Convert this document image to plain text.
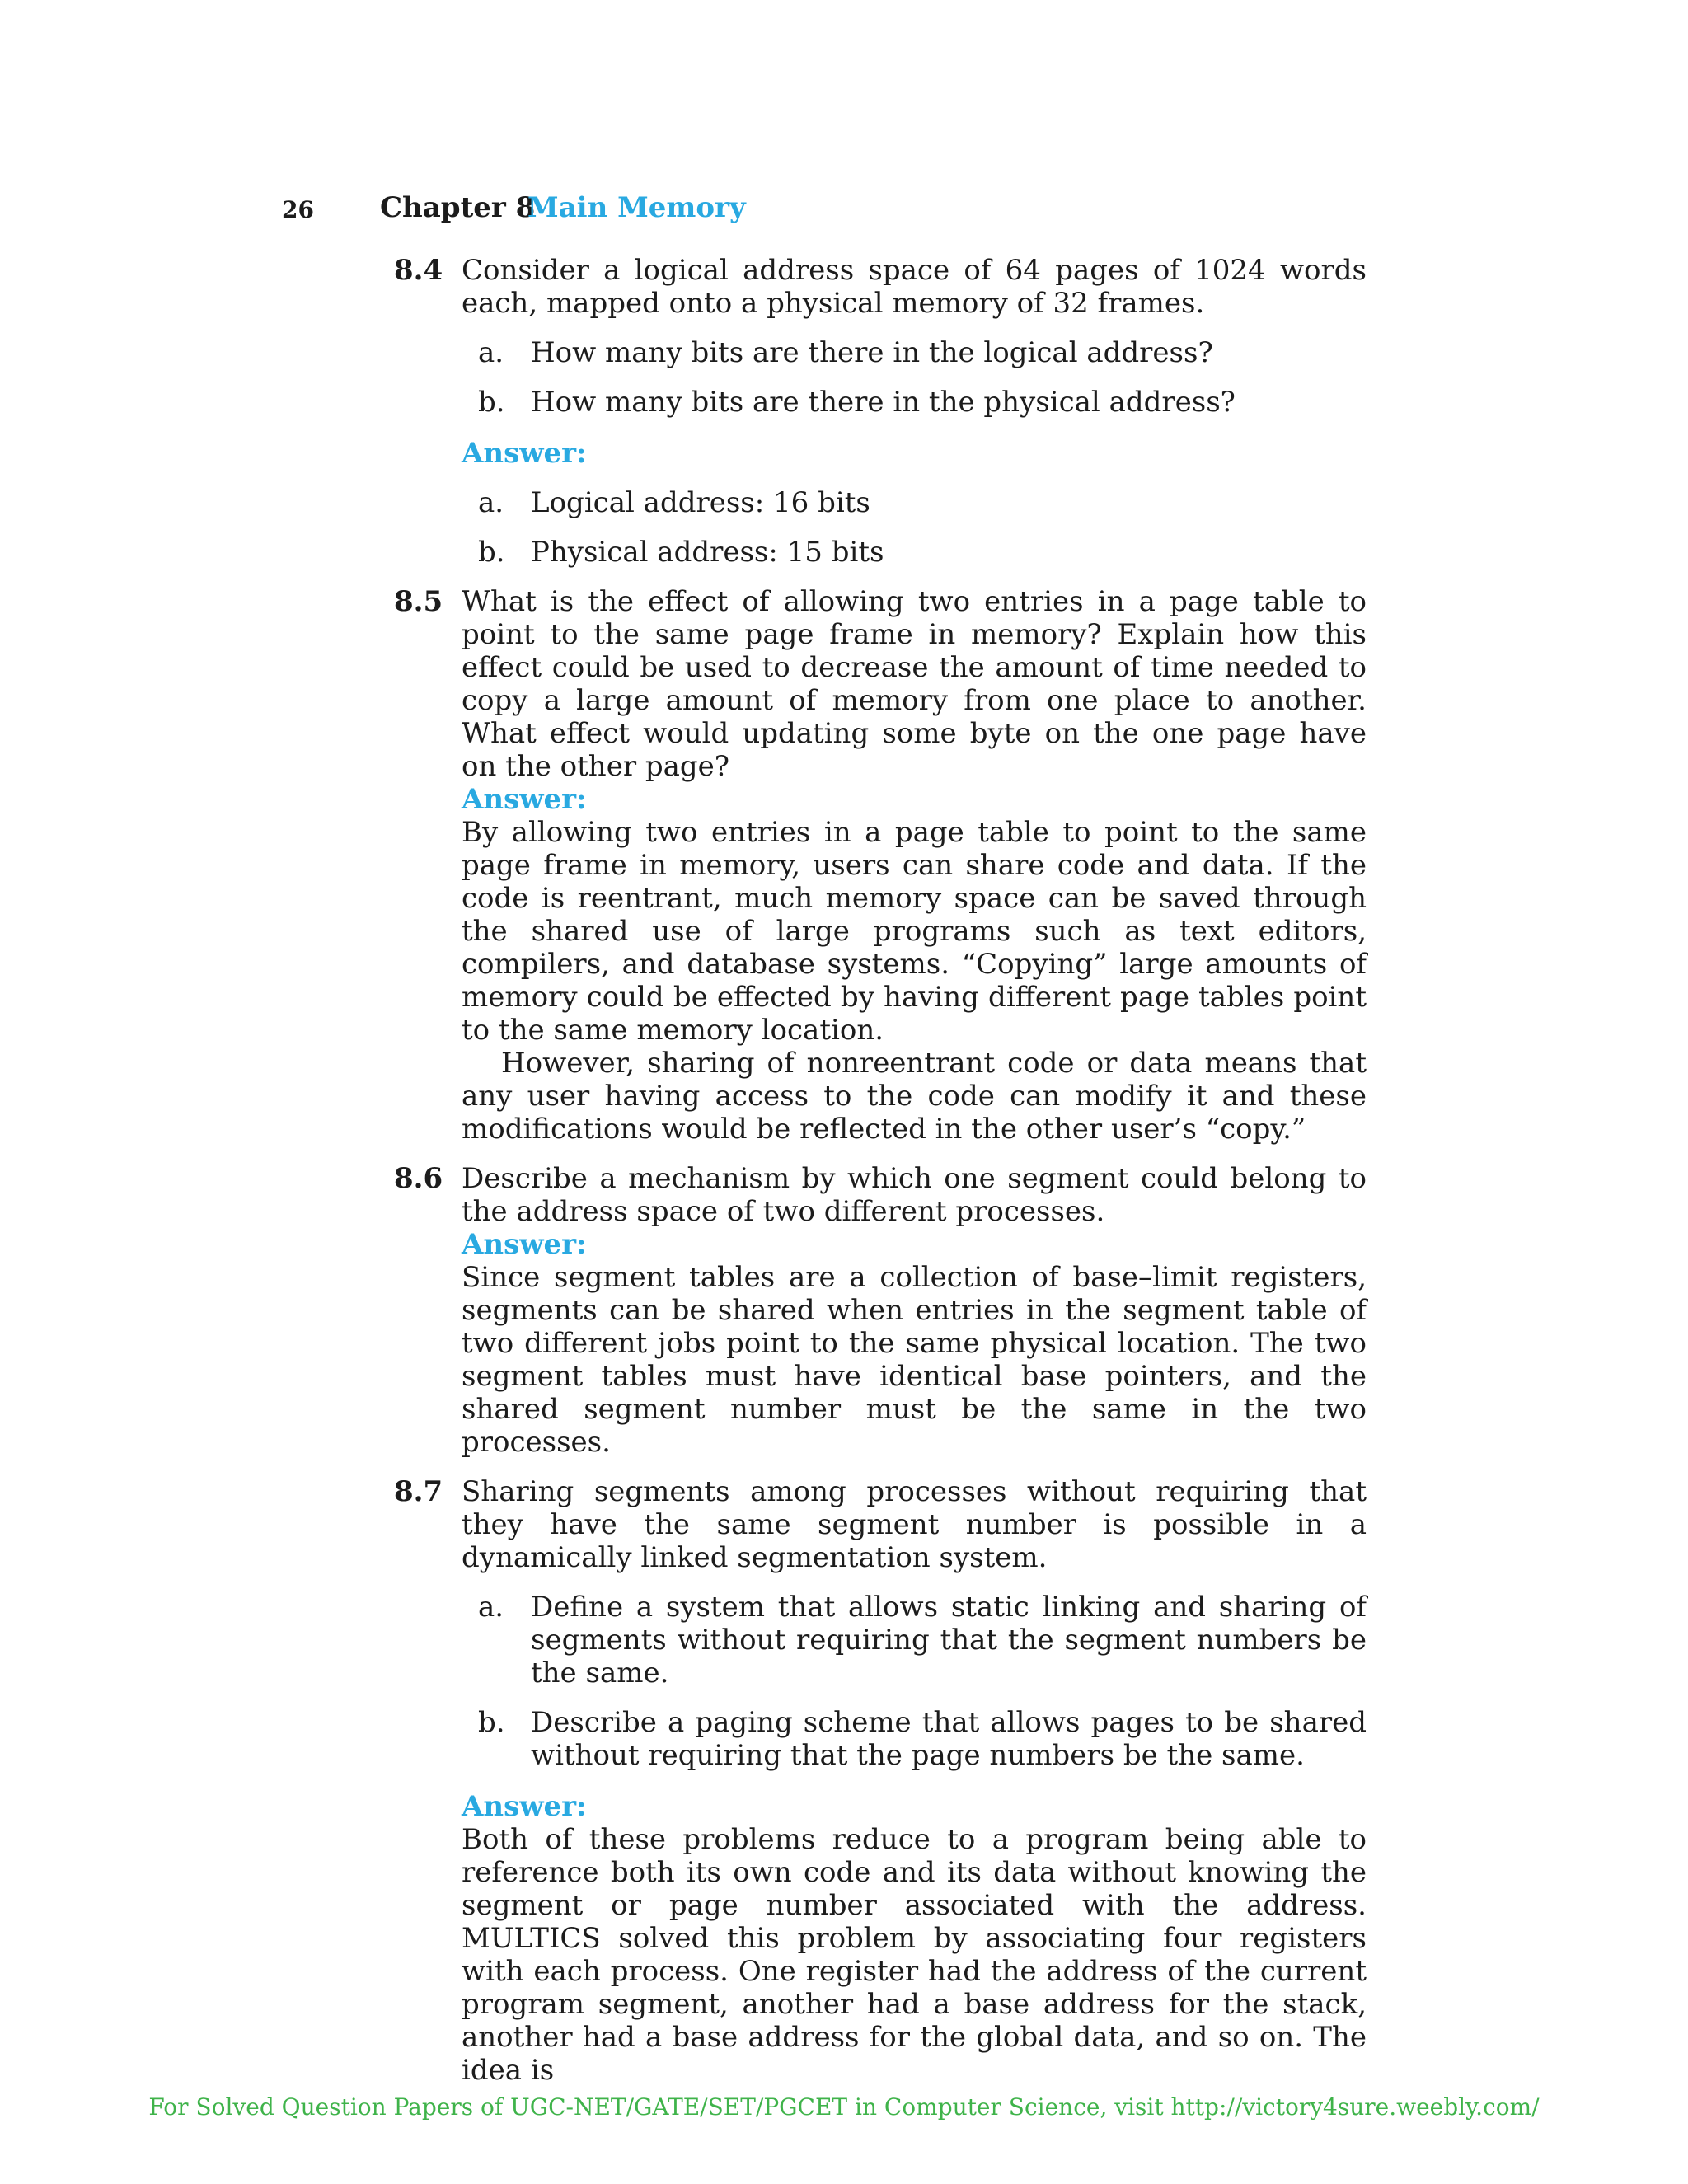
26 Chapter 8
Main Memory
8.4 Consider a logical address space of 64 pages of 1024 words each, mapped onto a physical memory of 32 frames.

a. How many bits are there in the logical address?
b. How many bits are there in the physical address?
Answer:
a. Logical address: 16 bits
b. Physical address: 15 bits
8.5 What is the effect of allowing two entries in a page table to point to the same page frame in memory? Explain how this effect could be used to decrease the amount of time needed to copy a large amount of memory from one place to another. What effect would updating some byte on the one page have on the other page?

Answer:

By allowing two entries in a page table to point to the same page frame in memory, users can share code and data. If the code is reentrant, much memory space can be saved through the shared use of large programs such as text editors, compilers, and database systems. “Copying” large amounts of memory could be effected by having different page tables point to the same memory location.

However, sharing of nonreentrant code or data means that any user having access to the code can modify it and these modifications would be reflected in the other user’s “copy.”

8.6 Describe a mechanism by which one segment could belong to the address space of two different processes.

Answer:

Since segment tables are a collection of base–limit registers, segments can be shared when entries in the segment table of two different jobs point to the same physical location. The two segment tables must have identical base pointers, and the shared segment number must be the same in the two processes.

8.7 Sharing segments among processes without requiring that they have the same segment number is possible in a dynamically linked segmentation system.

a. Define a system that allows static linking and sharing of segments without requiring that the segment numbers be the same.
b. Describe a paging scheme that allows pages to be shared without requiring that the page numbers be the same.
Answer:

Both of these problems reduce to a program being able to reference both its own code and its data without knowing the segment or page number associated with the address. MULTICS solved this problem by associating four registers with each process. One register had the address of the current program segment, another had a base address for the stack, another had a base address for the global data, and so on. The idea is

For Solved Question Papers of UGC-NET/GATE/SET/PGCET in Computer Science, visit http://victory4sure.weebly.com/
